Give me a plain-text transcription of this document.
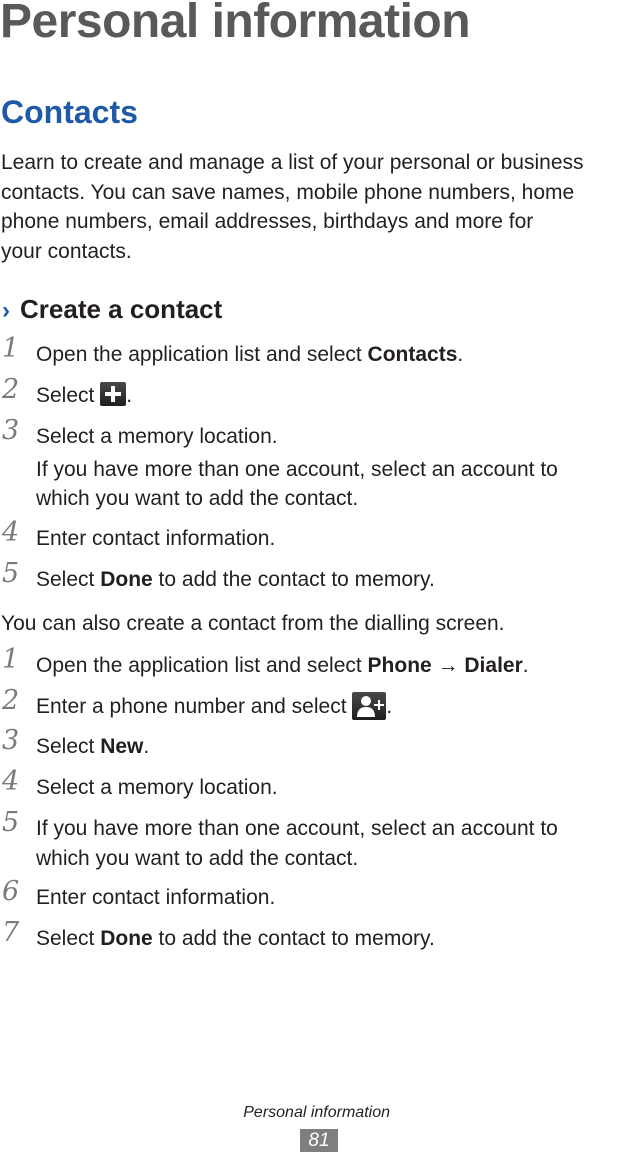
Personal information
Contacts
Learn to create and manage a list of your personal or business
contacts. You can save names, mobile phone numbers, home
phone numbers, email addresses, birthdays and more for
your contacts.
› Create a contact
1 Open the application list and select Contacts.
2 Select
.
3 Select a memory location.
If you have more than one account, select an account to
which you want to add the contact.
4 Enter contact information.
5 Select Done to add the contact to memory.
You can also create a contact from the dialling screen.
1 Open the application list and select Phone → Dialer.
2 Enter a phone number and select
.
3 Select New.
4 Select a memory location.
5 If you have more than one account, select an account to
which you want to add the contact.
6 Enter contact information.
7 Select Done to add the contact to memory.
Personal information
81
